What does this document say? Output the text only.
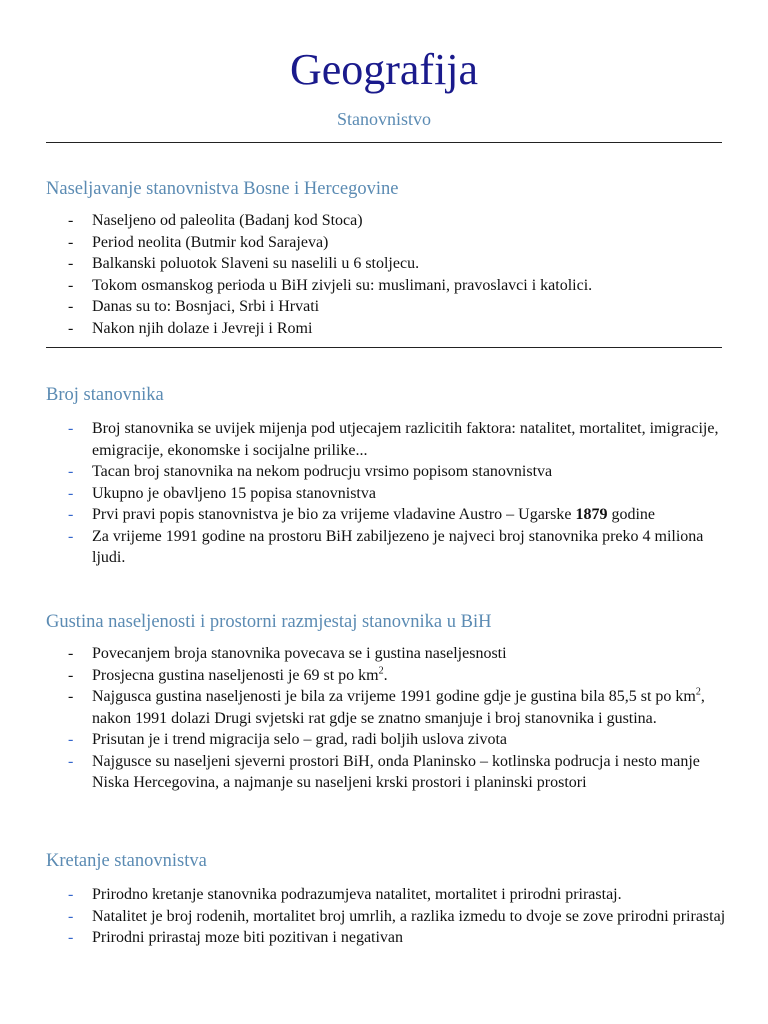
Geografija
Stanovnistvo
Naseljavanje stanovnistva Bosne i Hercegovine
- Naseljeno od paleolita (Badanj kod Stoca)
- Period neolita (Butmir kod Sarajeva)
- Balkanski poluotok Slaveni su naselili u 6 stoljecu.
- Tokom osmanskog perioda u BiH zivjeli su: muslimani, pravoslavci i katolici.
- Danas su to: Bosnjaci, Srbi i Hrvati
- Nakon njih dolaze i Jevreji i Romi
Broj stanovnika
- Broj stanovnika se uvijek mijenja pod utjecajem razlicitih faktora: natalitet, mortalitet, imigracije, emigracije, ekonomske i socijalne prilike...
- Tacan broj stanovnika na nekom podrucju vrsimo popisom stanovnistva
- Ukupno je obavljeno 15 popisa stanovnistva
- Prvi pravi popis stanovnistva je bio za vrijeme vladavine Austro – Ugarske 1879 godine
- Za vrijeme 1991 godine na prostoru BiH zabiljezeno je najveci broj stanovnika preko 4 miliona ljudi.
Gustina naseljenosti i prostorni razmjestaj stanovnika u BiH
- Povecanjem broja stanovnika povecava se i gustina naseljesnosti
- Prosjecna gustina naseljenosti je 69 st po $km^2$.
- Najgusca gustina naseljenosti je bila za vrijeme 1991 godine gdje je gustina bila 85,5 st po $km^2$, nakon 1991 dolazi Drugi svjetski rat gdje se znatno smanjuje i broj stanovnika i gustina.
- Prisutan je i trend migracija selo – grad, radi boljih uslova zivota
- Najgusce su naseljeni sjeverni prostori BiH, onda Planinsko – kotlinska podrucja i nesto manje Niska Hercegovina, a najmanje su naseljeni krski prostori i planinski prostori
Kretanje stanovnistva
- Prirodno kretanje stanovnika podrazumjeva natalitet, mortalitet i prirodni prirastaj.
- Natalitet je broj rodenih, mortalitet broj umrlih, a razlika izmedu to dvoje se zove prirodni prirastaj
- Prirodni prirastaj moze biti pozitivan i negativan
